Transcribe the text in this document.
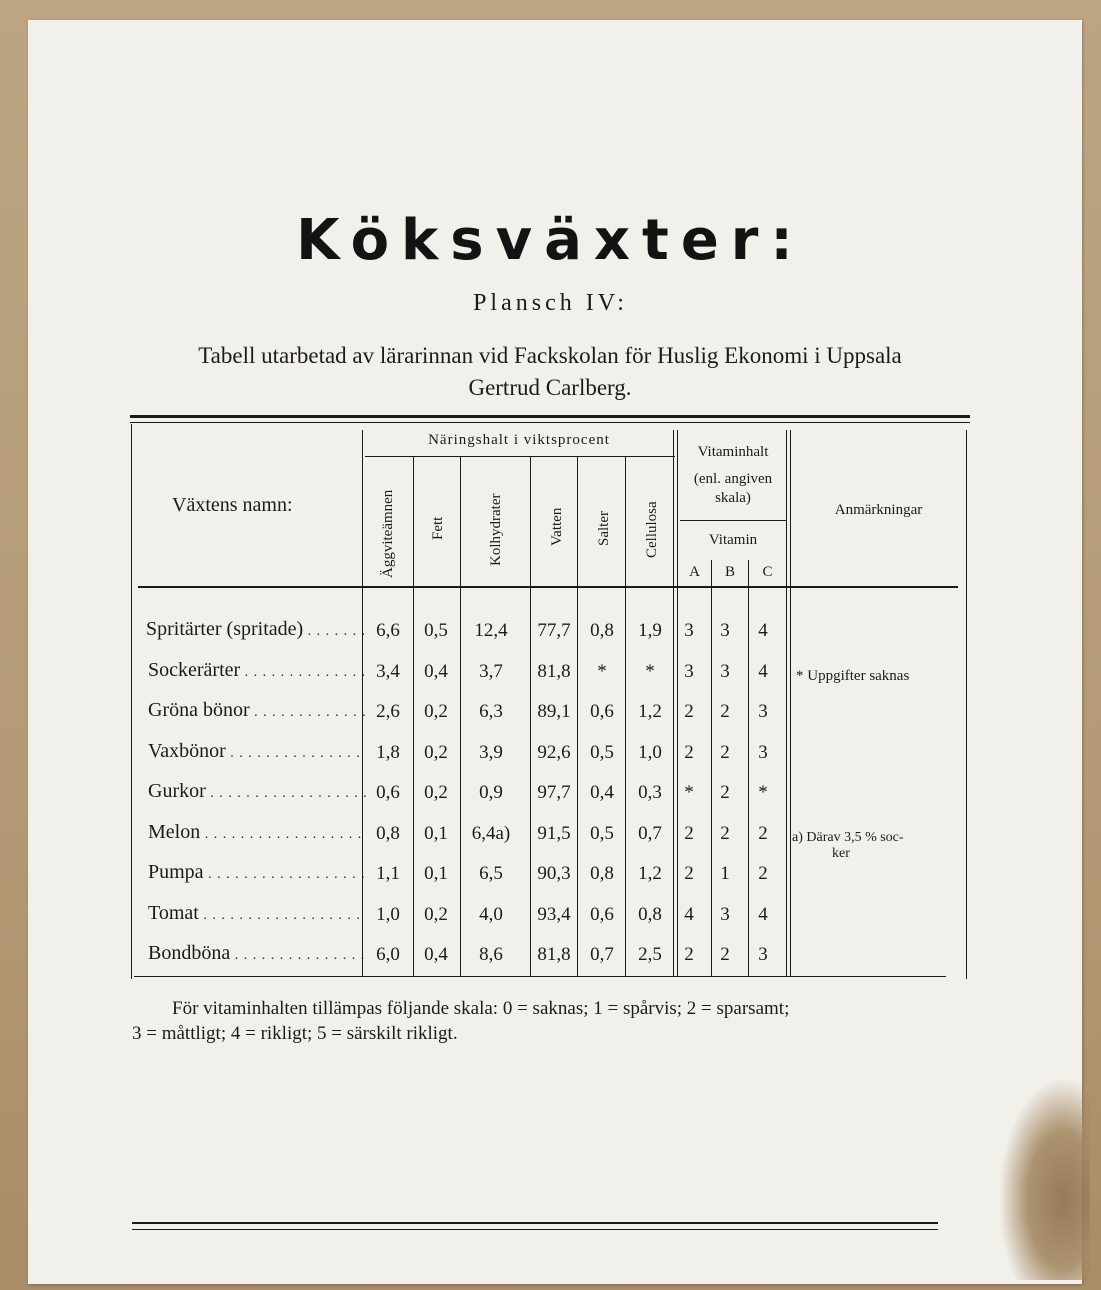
Köksväxter:
Plansch IV:
Tabell utarbetad av lärarinnan vid Fackskolan för Huslig Ekonomi i Uppsala
Gertrud Carlberg.
Växtens namn:
Näringshalt i viktsprocent
Äggviteämnen Fett	Kolhydrater	Vatten Salter Cellulosa
Vitaminhalt
(enl. angiven
skala)
Vitamin
A	B	C
Anmärkningar
Spritärter (spritade) . . .	6,6	0,5	12,4	77,7	0,8	1,9	3	3	4
Sockerärter . . .	3,4	0,4	3,7	81,8	*	*	3	3	4
Gröna bönor . . .	2,6	0,2	6,3	89,1	0,6	1,2	2	2	3
Vaxbönor . . .	1,8	0,2	3,9	92,6	0,5	1,0	2	2	3
Gurkor . . .	0,6	0,2	0,9	97,7	0,4	0,3	*	2	*
Melon . . .	0,8	0,1	6,4a)	91,5	0,5	0,7	2	2	2
Pumpa . . .	1,1	0,1	6,5	90,3	0,8	1,2	2	1	2
Tomat . . .	1,0	0,2	4,0	93,4	0,6	0,8	4	3	4
Bondböna . . .	6,0	0,4	8,6	81,8	0,7	2,5	2	2	3
* Uppgifter saknas
a) Därav 3,5 % soc-
ker
För vitaminhalten tillämpas följande skala: 0 = saknas; 1 = spårvis; 2 = sparsamt;
3 = måttligt; 4 = rikligt; 5 = särskilt rikligt.
